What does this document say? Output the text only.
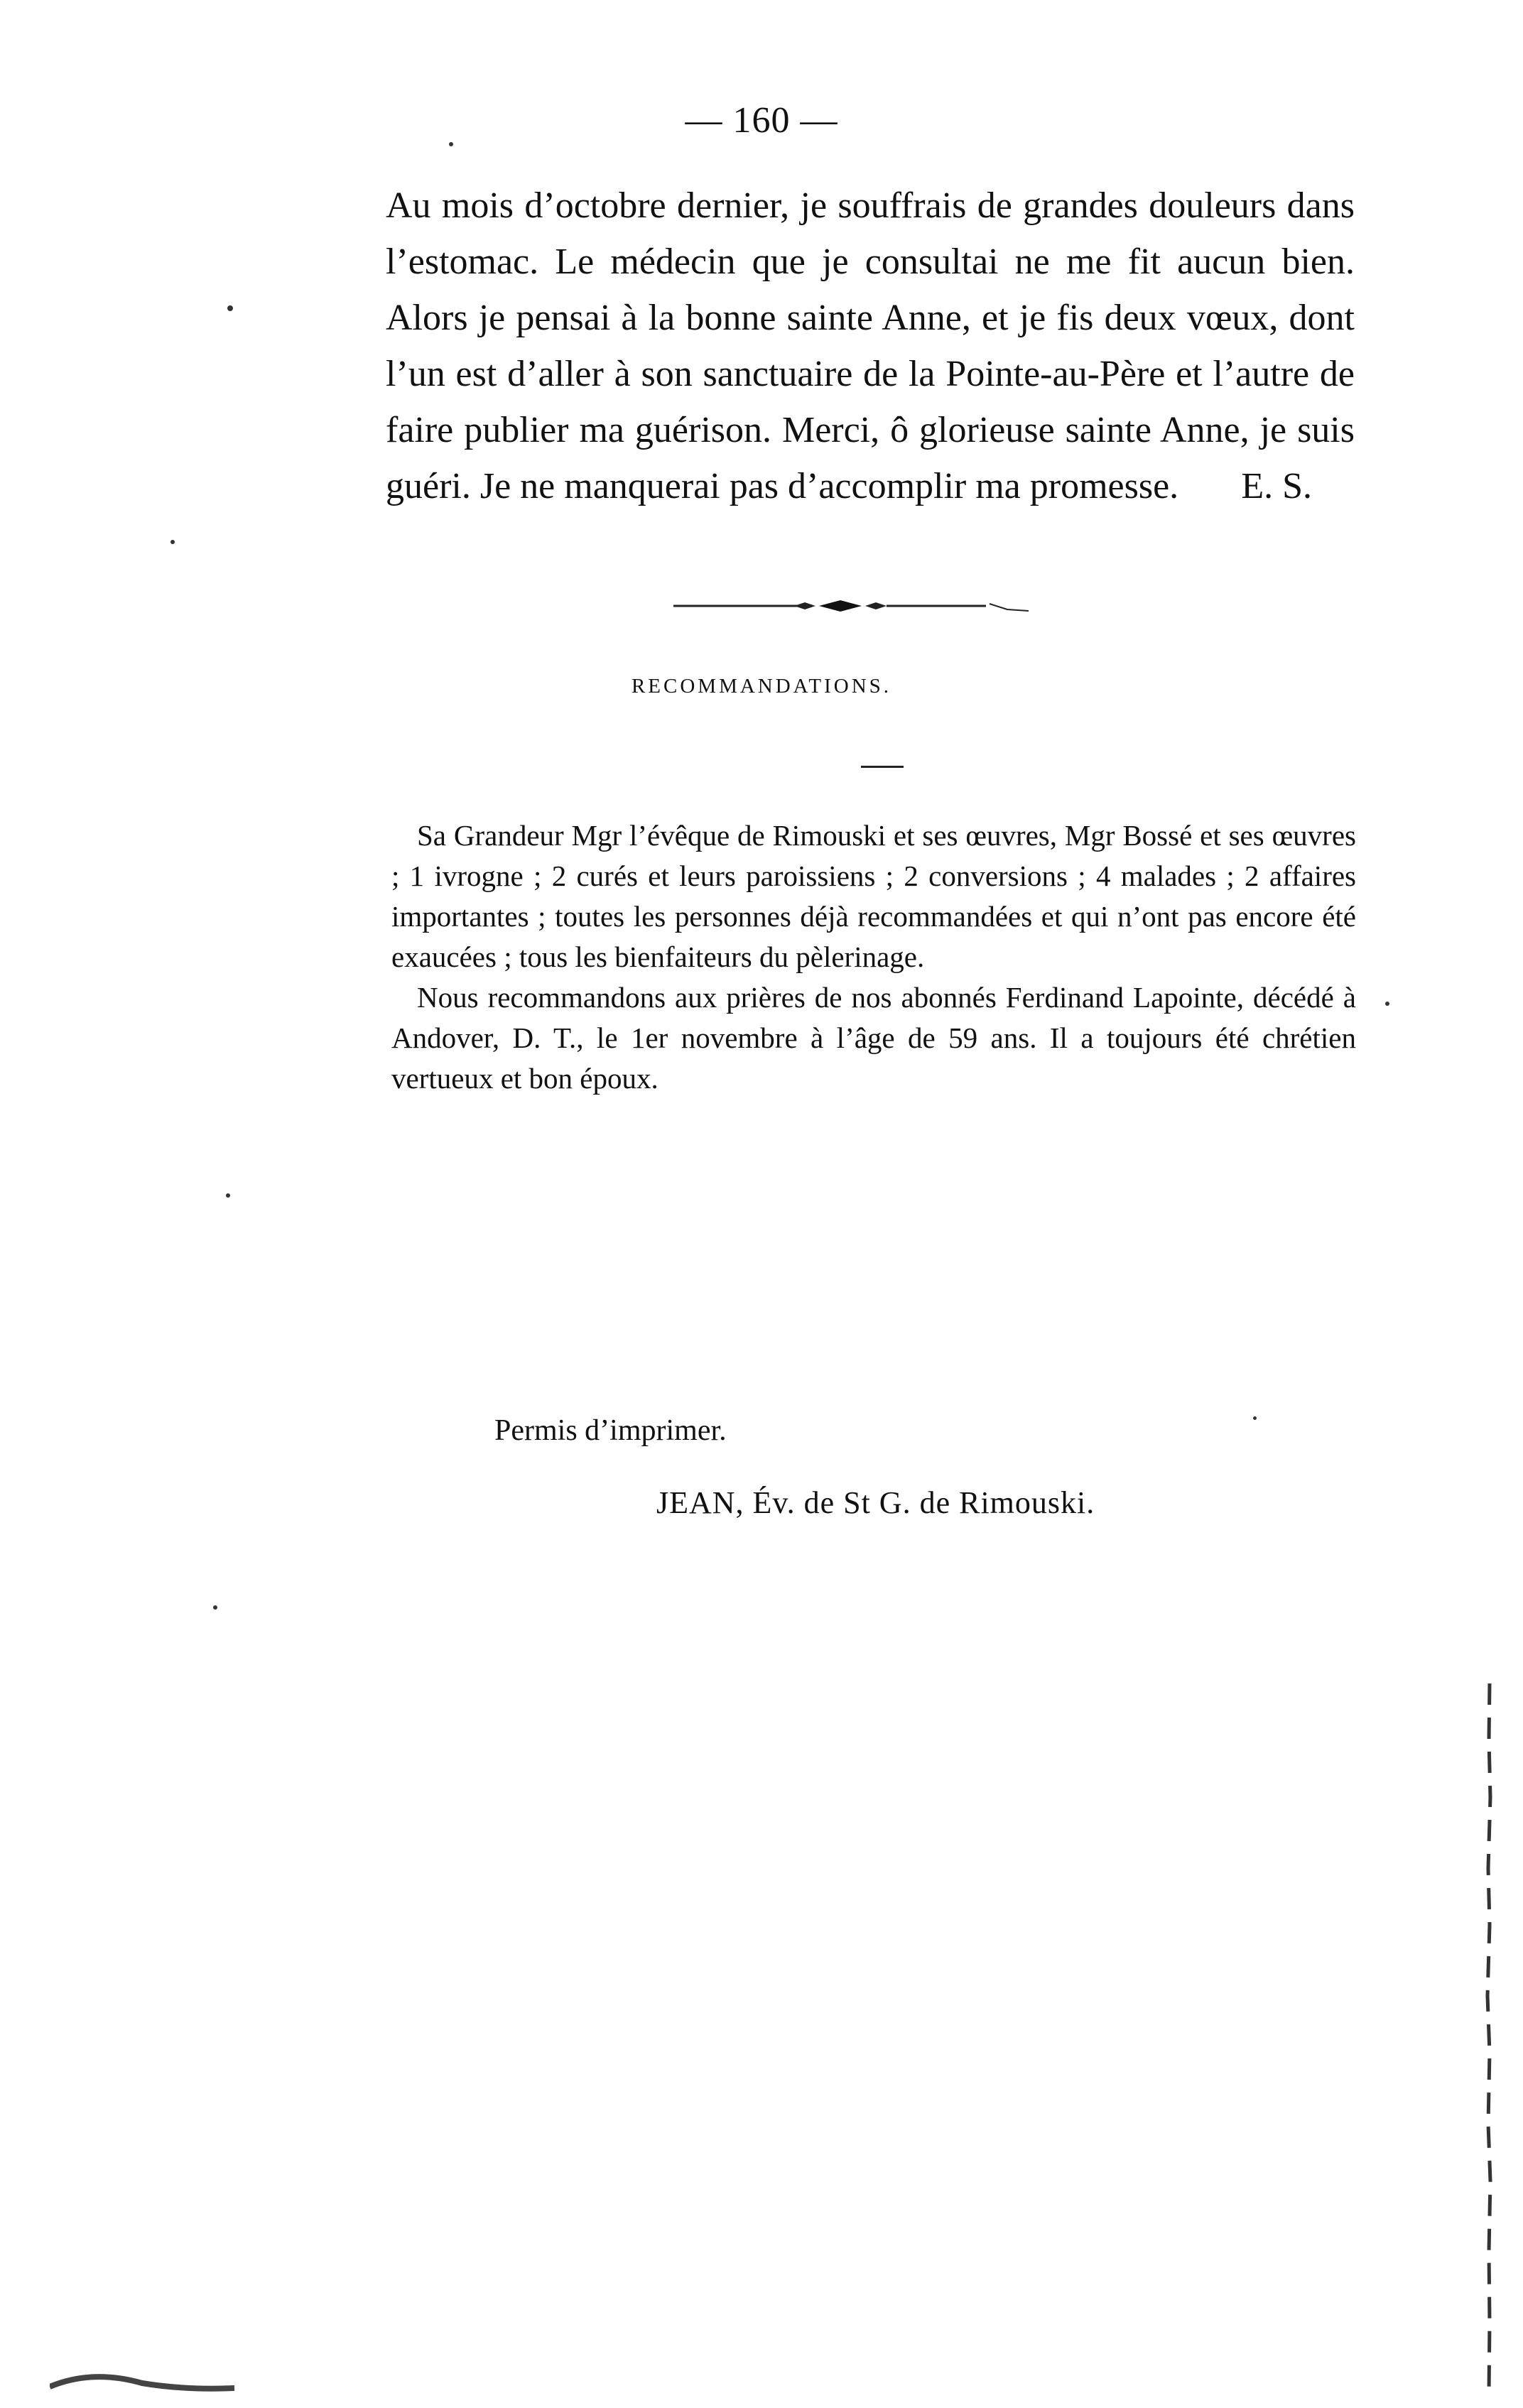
— 160 —

Au mois d’octobre dernier, je souffrais de grandes douleurs dans l’estomac. Le médecin que je consultai ne me fit aucun bien. Alors je pensai à la bonne sainte Anne, et je fis deux vœux, dont l’un est d’aller à son sanctuaire de la Pointe-au-Père et l’autre de faire publier ma guérison. Merci, ô glorieuse sainte Anne, je suis guéri. Je ne manquerai pas d’accomplir ma promesse. E. S.

RECOMMANDATIONS.

Sa Grandeur Mgr l’évêque de Rimouski et ses œuvres, Mgr Bossé et ses œuvres ; 1 ivrogne ; 2 curés et leurs paroissiens ; 2 conversions ; 4 malades ; 2 affaires importantes ; toutes les personnes déjà recommandées et qui n’ont pas encore été exaucées ; tous les bienfaiteurs du pèlerinage.

Nous recommandons aux prières de nos abonnés Ferdinand Lapointe, décédé à Andover, D. T., le 1er novembre à l’âge de 59 ans. Il a toujours été chrétien vertueux et bon époux.

Permis d’imprimer.
JEAN, Év. de St G. de Rimouski.
